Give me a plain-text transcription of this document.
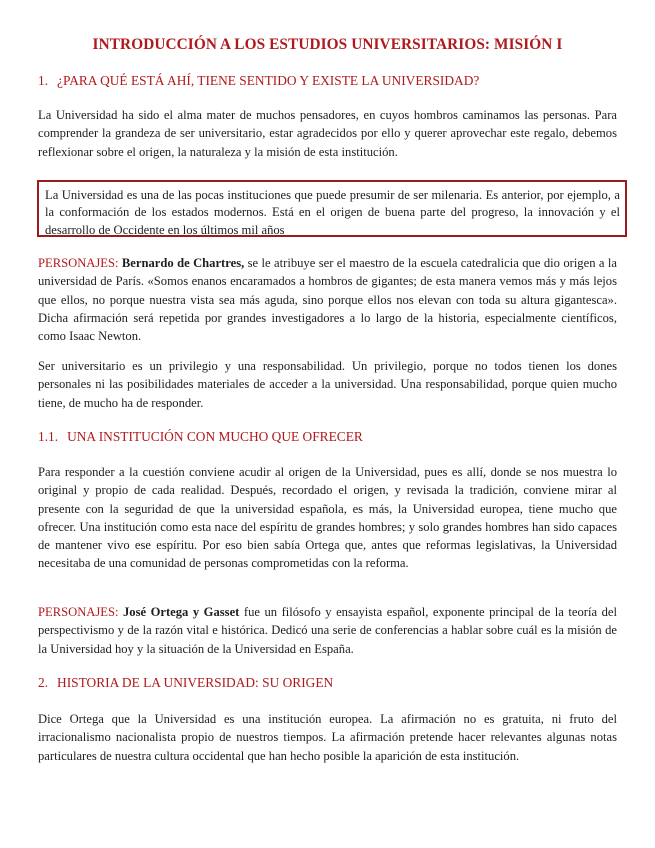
INTRODUCCIÓN A LOS ESTUDIOS UNIVERSITARIOS: MISIÓN I
1. ¿PARA QUÉ ESTÁ AHÍ, TIENE SENTIDO Y EXISTE LA UNIVERSIDAD?

La Universidad ha sido el alma mater de muchos pensadores, en cuyos hombros caminamos las personas. Para comprender la grandeza de ser universitario, estar agradecidos por ello y querer aprovechar este regalo, debemos reflexionar sobre el origen, la naturaleza y la misión de esta institución.

La Universidad es una de las pocas instituciones que puede presumir de ser milenaria. Es anterior, por ejemplo, a la conformación de los estados modernos. Está en el origen de buena parte del progreso, la innovación y el desarrollo de Occidente en los últimos mil años

PERSONAJES: Bernardo de Chartres, se le atribuye ser el maestro de la escuela catedralicia que dio origen a la universidad de París. «Somos enanos encaramados a hombros de gigantes; de esta manera vemos más y más lejos que ellos, no porque nuestra vista sea más aguda, sino porque ellos nos elevan con toda su altura gigantesca». Dicha afirmación será repetida por grandes investigadores a lo largo de la historia, especialmente científicos, como Isaac Newton.

Ser universitario es un privilegio y una responsabilidad. Un privilegio, porque no todos tienen los dones personales ni las posibilidades materiales de acceder a la universidad. Una responsabilidad, porque quien mucho tiene, de mucho ha de responder.

1.1. UNA INSTITUCIÓN CON MUCHO QUE OFRECER

Para responder a la cuestión conviene acudir al origen de la Universidad, pues es allí, donde se nos muestra lo original y propio de cada realidad. Después, recordado el origen, y revisada la tradición, conviene mirar al presente con la seguridad de que la universidad española, es más, la Universidad europea, tiene mucho que ofrecer. Una institución como esta nace del espíritu de grandes hombres; y solo grandes hombres han sido capaces de mantener vivo ese espíritu. Por eso bien sabía Ortega que, antes que reformas legislativas, la Universidad necesitaba de una comunidad de personas comprometidas con la reforma.

PERSONAJES: José Ortega y Gasset fue un filósofo y ensayista español, exponente principal de la teoría del perspectivismo y de la razón vital e histórica. Dedicó una serie de conferencias a hablar sobre cuál es la misión de la Universidad hoy y la situación de la Universidad en España.

2. HISTORIA DE LA UNIVERSIDAD: SU ORIGEN

Dice Ortega que la Universidad es una institución europea. La afirmación no es gratuita, ni fruto del irracionalismo nacionalista propio de nuestros tiempos. La afirmación pretende hacer relevantes algunas notas particulares de nuestra cultura occidental que han hecho posible la aparición de esta institución.
